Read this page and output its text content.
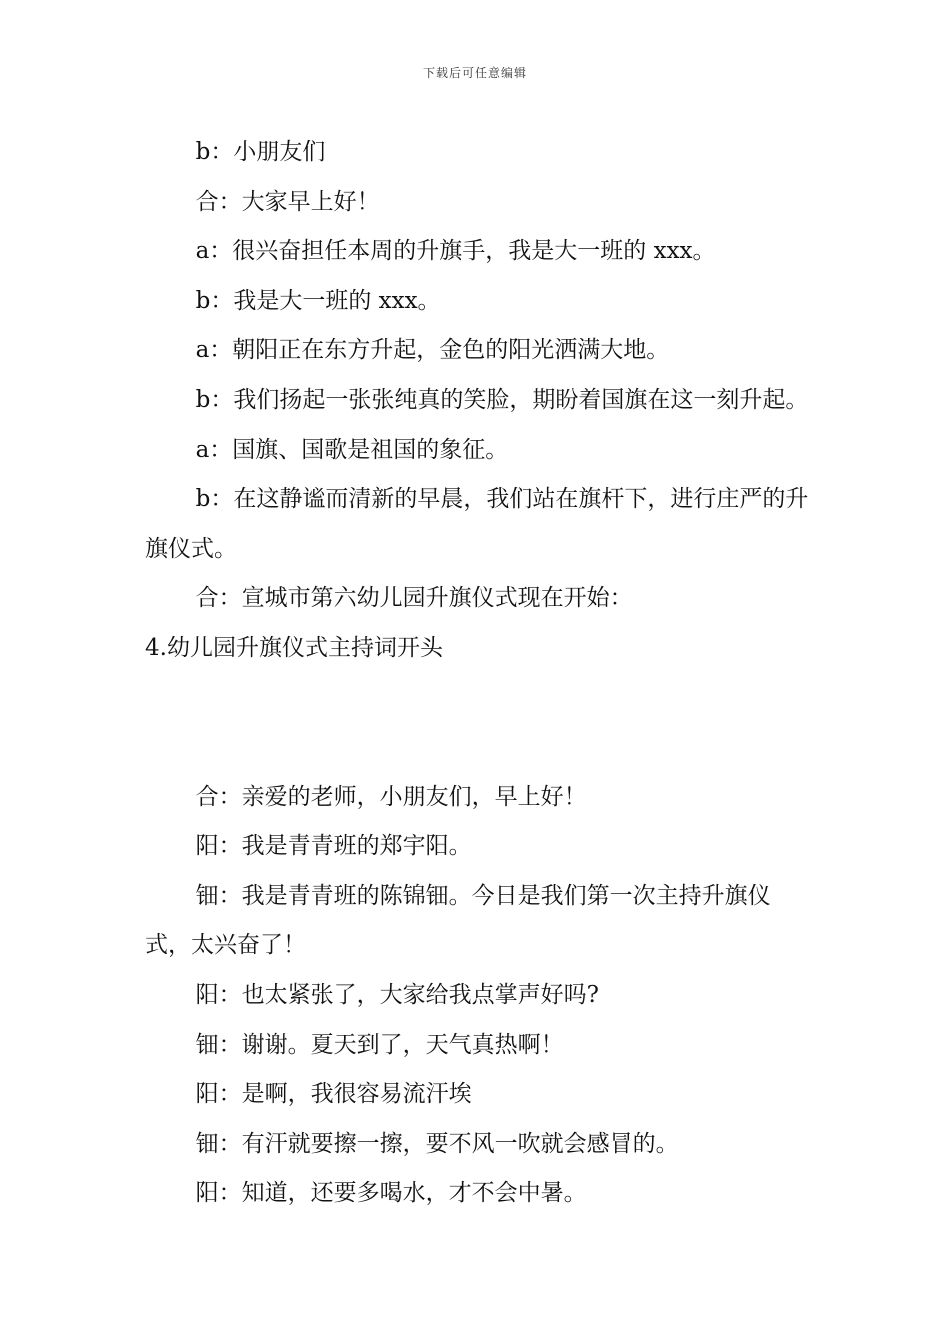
下载后可任意编辑

b：小朋友们

合：大家早上好！

a：很兴奋担任本周的升旗手，我是大一班的 xxx。

b：我是大一班的 xxx。

a：朝阳正在东方升起，金色的阳光洒满大地。

b：我们扬起一张张纯真的笑脸，期盼着国旗在这一刻升起。

a：国旗、国歌是祖国的象征。

b：在这静谧而清新的早晨，我们站在旗杆下，进行庄严的升旗仪式。

合：宣城市第六幼儿园升旗仪式现在开始：

4.幼儿园升旗仪式主持词开头

合：亲爱的老师，小朋友们，早上好！

阳：我是青青班的郑宇阳。

钿：我是青青班的陈锦钿。今日是我们第一次主持升旗仪式，太兴奋了！

阳：也太紧张了，大家给我点掌声好吗?

钿：谢谢。夏天到了，天气真热啊！

阳：是啊，我很容易流汗埃

钿：有汗就要擦一擦，要不风一吹就会感冒的。

阳：知道，还要多喝水，才不会中暑。
